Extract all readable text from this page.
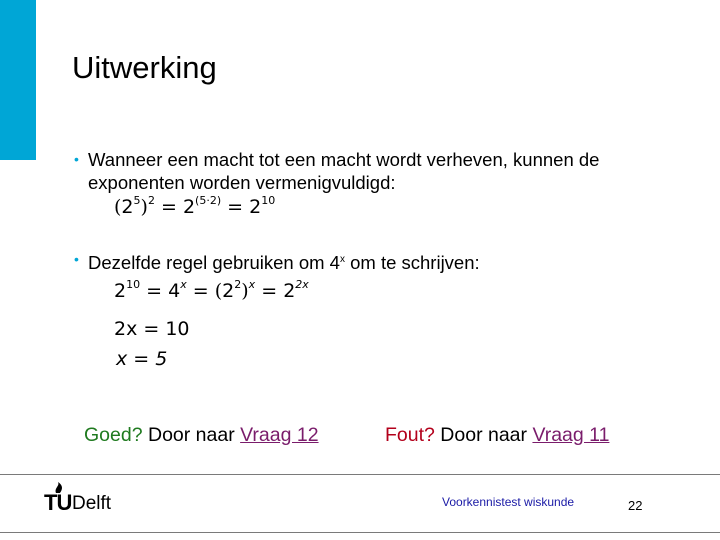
Uitwerking
• Wanneer een macht tot een macht wordt verheven, kunnen de exponenten worden vermenigvuldigd:
$(2^5)^2 = 2^{(5\cdot 2)} = 2^{10}$
• Dezelfde regel gebruiken om 4$^x$ om te schrijven:
$2^{10} = 4^x = (2^2)^x = 2^{2x}$
2x = 10
x = 5
Goed? Door naar Vraag 12	Fout? Door naar Vraag 11
TU Delft	Voorkennistest wiskunde	22
